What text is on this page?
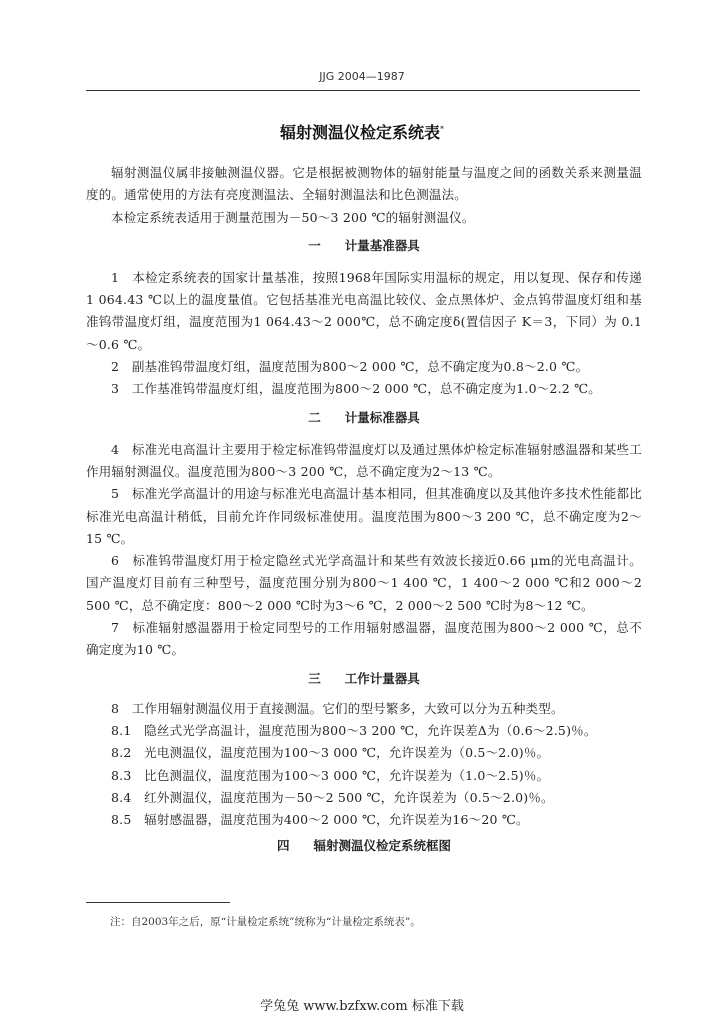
JJG 2004—1987
辐射测温仪检定系统表*

辐射测温仪属非接触测温仪器。它是根据被测物体的辐射能量与温度之间的函数关系来测量温度的。通常使用的方法有亮度测温法、全辐射测温法和比色测温法。

本检定系统表适用于测量范围为－50～3 200 ℃的辐射测温仪。

一 计量基准器具

1　本检定系统表的国家计量基准，按照1968年国际实用温标的规定，用以复现、保存和传递1 064.43 ℃以上的温度量值。它包括基准光电高温比较仪、金点黑体炉、金点钨带温度灯组和基准钨带温度灯组，温度范围为1 064.43～2 000℃，总不确定度δ(置信因子 K＝3，下同）为 0.1～0.6 ℃。

2　副基准钨带温度灯组，温度范围为800～2 000 ℃，总不确定度为0.8～2.0 ℃。

3　工作基准钨带温度灯组，温度范围为800～2 000 ℃，总不确定度为1.0～2.2 ℃。

二 计量标准器具

4　标准光电高温计主要用于检定标准钨带温度灯以及通过黑体炉检定标准辐射感温器和某些工作用辐射测温仪。温度范围为800～3 200 ℃，总不确定度为2～13 ℃。

5　标准光学高温计的用途与标准光电高温计基本相同，但其准确度以及其他许多技术性能都比标准光电高温计稍低，目前允许作同级标准使用。温度范围为800～3 200 ℃，总不确定度为2～15 ℃。

6　标准钨带温度灯用于检定隐丝式光学高温计和某些有效波长接近0.66 μm的光电高温计。国产温度灯目前有三种型号，温度范围分别为800～1 400 ℃，1 400～2 000 ℃和2 000～2 500 ℃，总不确定度：800～2 000 ℃时为3～6 ℃，2 000～2 500 ℃时为8～12 ℃。

7　标准辐射感温器用于检定同型号的工作用辐射感温器，温度范围为800～2 000 ℃，总不确定度为10 ℃。

三 工作计量器具

8　工作用辐射测温仪用于直接测温。它们的型号繁多，大致可以分为五种类型。

8.1　隐丝式光学高温计，温度范围为800～3 200 ℃，允许误差Δ为（0.6～2.5)％。

8.2　光电测温仪，温度范围为100～3 000 ℃，允许误差为（0.5～2.0)％。

8.3　比色测温仪，温度范围为100～3 000 ℃，允许误差为（1.0～2.5)％。

8.4　红外测温仪，温度范围为－50～2 500 ℃，允许误差为（0.5～2.0)％。

8.5　辐射感温器，温度范围为400～2 000 ℃，允许误差为16～20 ℃。

四 辐射测温仪检定系统框图

注：自2003年之后，原“计量检定系统”统称为“计量检定系统表”。
学兔兔 www.bzfxw.com 标准下载
